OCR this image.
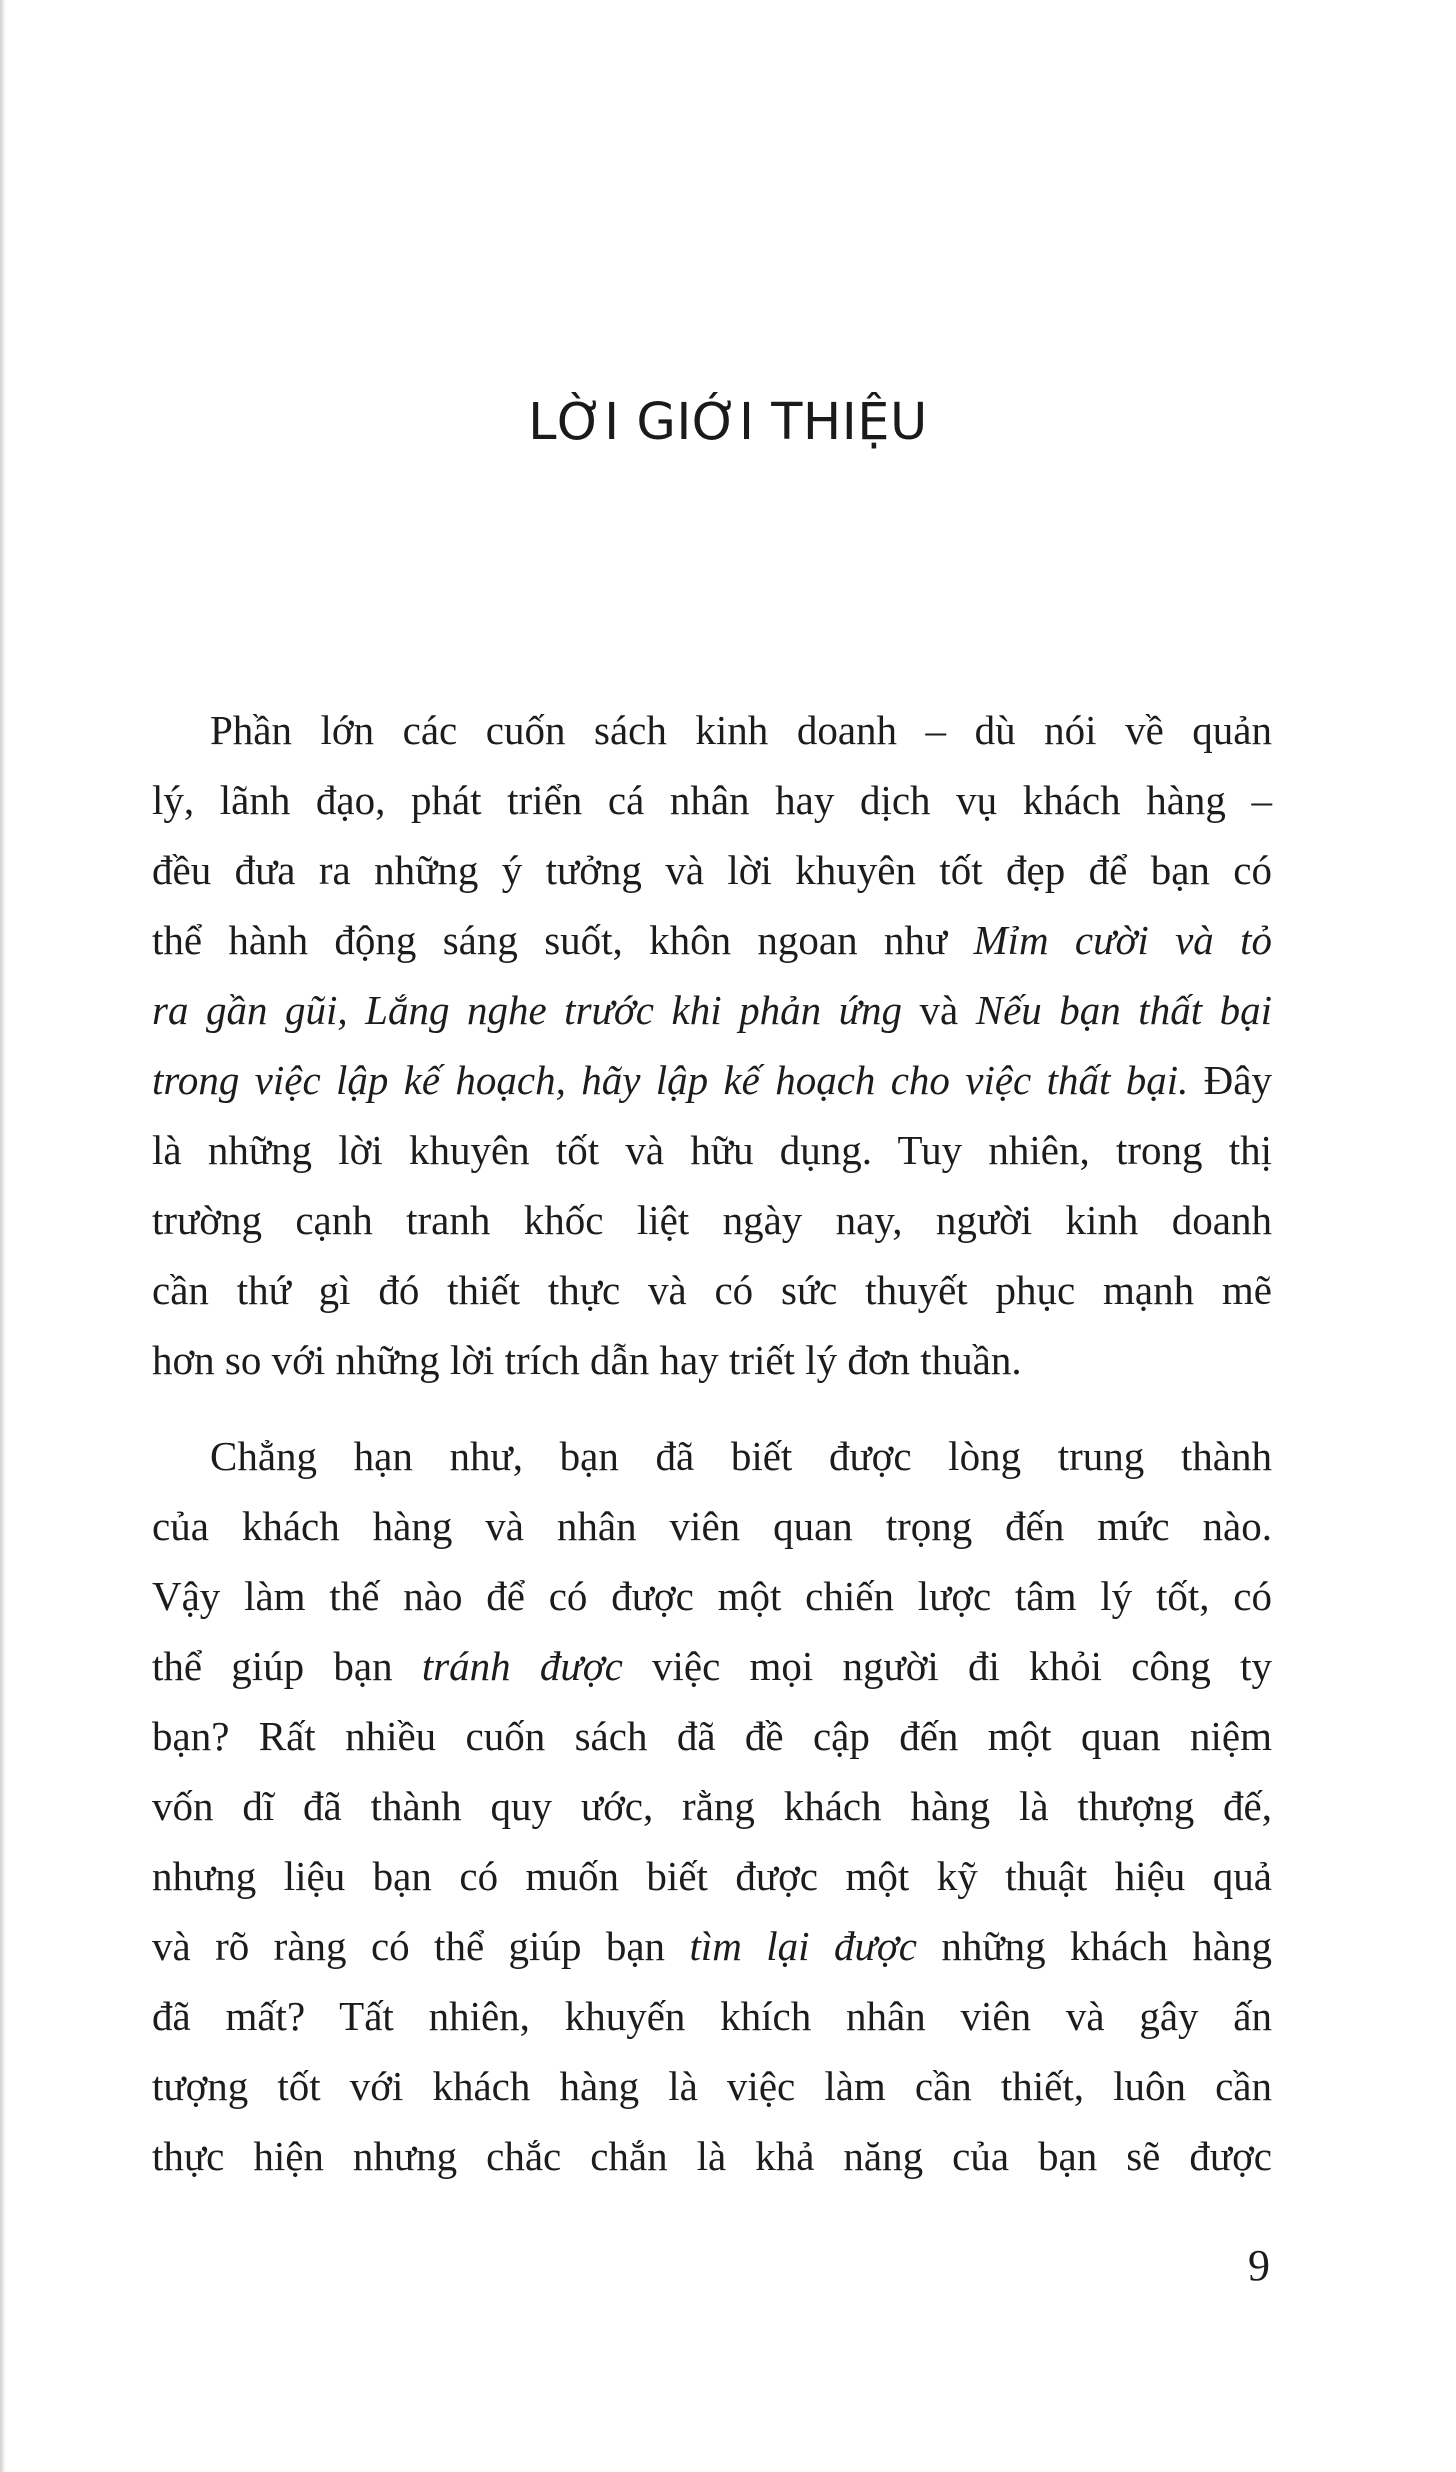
LỜI GIỚI THIỆU
Phần lớn các cuốn sách kinh doanh – dù nói về quản
lý, lãnh đạo, phát triển cá nhân hay dịch vụ khách hàng –
đều đưa ra những ý tưởng và lời khuyên tốt đẹp để bạn có
thể hành động sáng suốt, khôn ngoan như Mỉm cười và tỏ
ra gần gũi, Lắng nghe trước khi phản ứng và Nếu bạn thất bại
trong việc lập kế hoạch, hãy lập kế hoạch cho việc thất bại. Đây
là những lời khuyên tốt và hữu dụng. Tuy nhiên, trong thị
trường cạnh tranh khốc liệt ngày nay, người kinh doanh
cần thứ gì đó thiết thực và có sức thuyết phục mạnh mẽ
hơn so với những lời trích dẫn hay triết lý đơn thuần.
Chẳng hạn như, bạn đã biết được lòng trung thành
của khách hàng và nhân viên quan trọng đến mức nào.
Vậy làm thế nào để có được một chiến lược tâm lý tốt, có
thể giúp bạn tránh được việc mọi người đi khỏi công ty
bạn? Rất nhiều cuốn sách đã đề cập đến một quan niệm
vốn dĩ đã thành quy ước, rằng khách hàng là thượng đế,
nhưng liệu bạn có muốn biết được một kỹ thuật hiệu quả
và rõ ràng có thể giúp bạn tìm lại được những khách hàng
đã mất? Tất nhiên, khuyến khích nhân viên và gây ấn
tượng tốt với khách hàng là việc làm cần thiết, luôn cần
thực hiện nhưng chắc chắn là khả năng của bạn sẽ được
9
